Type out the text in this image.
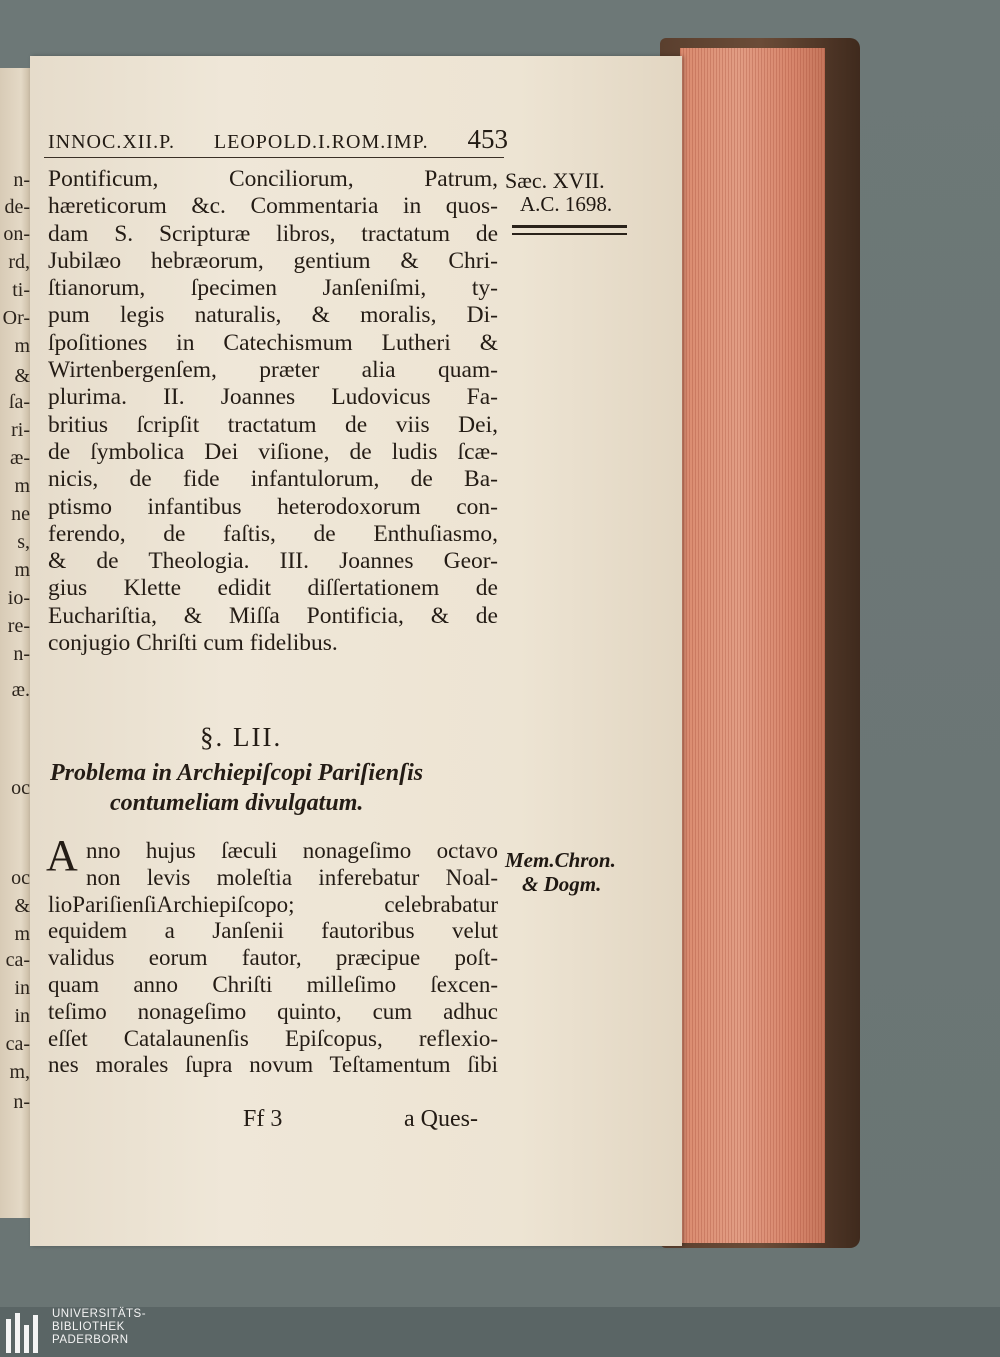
n-
de-
on-
rd,
ti-
Or-
m
&
ſa-
ri-
æ-
m
ne
s,
m
io-
re-
n-
æ.
oc
oc
&
m
ca-
in
in
ca-
m,
n-
INNOC.XII.P. LEOPOLD.I.ROM.IMP. 453
Sæc. XVII.
A.C. 1698.
Pontificum, Conciliorum, Patrum,
hæreticorum &c. Commentaria in quos-
dam S. Scripturæ libros, tractatum de
Jubilæo hebræorum, gentium & Chri-
ſtianorum, ſpecimen Janſeniſmi, ty-
pum legis naturalis, & moralis, Di-
ſpoſitiones in Catechismum Lutheri &
Wirtenbergenſem, præter alia quam-
plurima. II. Joannes Ludovicus Fa-
britius ſcripſit tractatum de viis Dei,
de ſymbolica Dei viſione, de ludis ſcæ-
nicis, de fide infantulorum, de Ba-
ptismo infantibus heterodoxorum con-
ferendo, de faſtis, de Enthuſiasmo,
& de Theologia. III. Joannes Geor-
gius Klette edidit diſſertationem de
Euchariſtia, & Miſſa Pontificia, & de
conjugio Chriſti cum fidelibus.
§. LII.
Problema in Archiepiſcopi Pariſienſis
contumeliam divulgatum.
A nno hujus ſæculi nonageſimo octavo
non levis moleſtia inferebatur Noal-
lioPariſienſiArchiepiſcopo; celebrabatur
equidem a Janſenii fautoribus velut
validus eorum fautor, præcipue poſt-
quam anno Chriſti milleſimo ſexcen-
teſimo nonageſimo quinto, cum adhuc
eſſet Catalaunenſis Epiſcopus, reflexio-
nes morales ſupra novum Teſtamentum ſibi
Mem.Chron.
& Dogm.
Ff 3	a Ques-
UNIVERSITÄTS-
BIBLIOTHEK
PADERBORN
